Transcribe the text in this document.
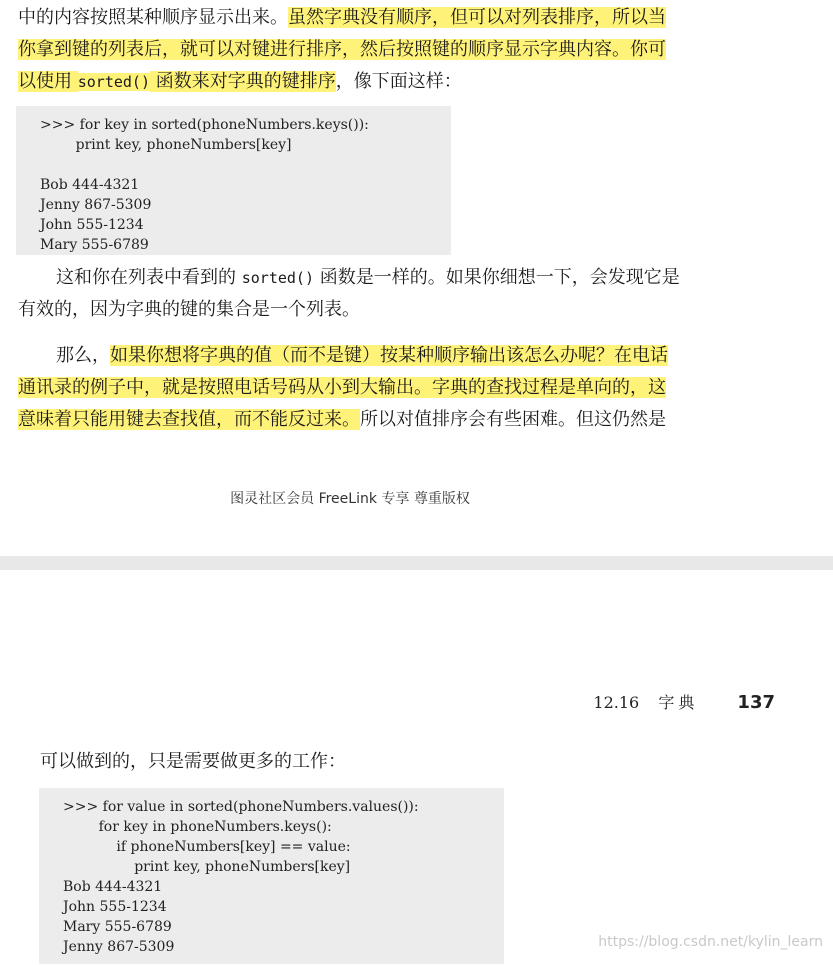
中的内容按照某种顺序显示出来。虽然字典没有顺序，但可以对列表排序，所以当
你拿到键的列表后，就可以对键进行排序，然后按照键的顺序显示字典内容。你可
以使用 sorted() 函数来对字典的键排序，像下面这样：
>>> for key in sorted(phoneNumbers.keys()):
print key, phoneNumbers[key]
Bob 444-4321
Jenny 867-5309
John 555-1234
Mary 555-6789
这和你在列表中看到的 sorted() 函数是一样的。如果你细想一下，会发现它是
有效的，因为字典的键的集合是一个列表。
那么，如果你想将字典的值（而不是键）按某种顺序输出该怎么办呢？在电话
通讯录的例子中，就是按照电话号码从小到大输出。字典的查找过程是单向的，这
意味着只能用键去查找值，而不能反过来。所以对值排序会有些困难。但这仍然是
图灵社区会员 FreeLink 专享 尊重版权
12.16 字典 137
可以做到的，只是需要做更多的工作：
>>> for value in sorted(phoneNumbers.values()):
for key in phoneNumbers.keys():
if phoneNumbers[key] == value:
print key, phoneNumbers[key]
Bob 444-4321
John 555-1234
Mary 555-6789
Jenny 867-5309	https://blog.csdn.net/kylin_learn
